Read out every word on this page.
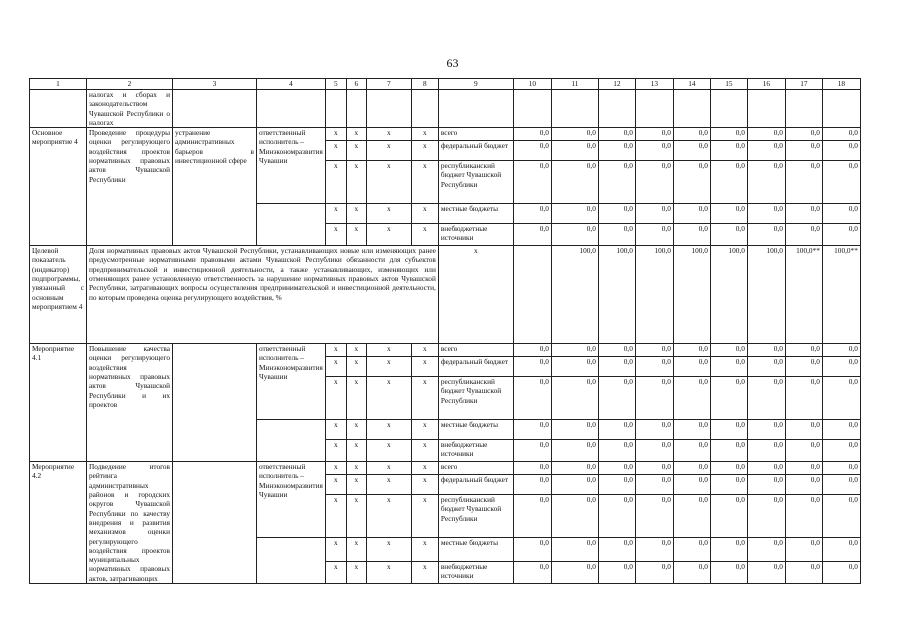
63
1	2	3	4	5	6	7	8	9	10	11	12	13	14	15	16	17	18
	налогах и сборах и законодательством Чувашской Республики о налогах																
Основное мероприятие 4	Проведение процедуры оценки регулирующего воздействия проектов нормативных правовых актов Чувашской Республики	устранение административных барьеров в инвестиционной сфере	ответственный исполнитель – Минэкономразвития Чувашии	x	x	x	x	всего	0,0	0,0	0,0	0,0	0,0	0,0	0,0	0,0	0,0
				x	x	x	x	федеральный бюджет	0,0	0,0	0,0	0,0	0,0	0,0	0,0	0,0	0,0
				x	x	x	x	республиканский бюджет Чувашской Республики	0,0	0,0	0,0	0,0	0,0	0,0	0,0	0,0	0,0
				x	x	x	x	местные бюджеты	0,0	0,0	0,0	0,0	0,0	0,0	0,0	0,0	0,0
				x	x	x	x	внебюджетные источники	0,0	0,0	0,0	0,0	0,0	0,0	0,0	0,0	0,0
Целевой показатель (индикатор) подпрограммы, увязанный с основным мероприятием 4	Доля нормативных правовых актов Чувашской Республики, устанавливающих новые или изменяющих ранее предусмотренные нормативными правовыми актами Чувашской Республики обязанности для субъектов предпринимательской и инвестиционной деятельности, а также устанавливающих, изменяющих или отменяющих ранее установленную ответственность за нарушение нормативных правовых актов Чувашской Республики, затрагивающих вопросы осуществления предпринимательской и инвестиционной деятельности, по которым проведена оценка регулирующего воздействия, %							x		100,0	100,0	100,0	100,0	100,0	100,0	100,0**	100,0**
Мероприятие 4.1	Повышение качества оценки регулирующего воздействия нормативных правовых актов Чувашской Республики и их проектов		ответственный исполнитель – Минэкономразвития Чувашии	x	x	x	x	всего	0,0	0,0	0,0	0,0	0,0	0,0	0,0	0,0	0,0
				x	x	x	x	федеральный бюджет	0,0	0,0	0,0	0,0	0,0	0,0	0,0	0,0	0,0
				x	x	x	x	республиканский бюджет Чувашской Республики	0,0	0,0	0,0	0,0	0,0	0,0	0,0	0,0	0,0
				x	x	x	x	местные бюджеты	0,0	0,0	0,0	0,0	0,0	0,0	0,0	0,0	0,0
				x	x	x	x	внебюджетные источники	0,0	0,0	0,0	0,0	0,0	0,0	0,0	0,0	0,0
Мероприятие 4.2	Подведение итогов рейтинга административных районов и городских округов Чувашской Республики по качеству внедрения и развития механизмов оценки регулирующего воздействия проектов муниципальных нормативных правовых актов, затрагивающих		ответственный исполнитель – Минэкономразвития Чувашии	x	x	x	x	всего	0,0	0,0	0,0	0,0	0,0	0,0	0,0	0,0	0,0
				x	x	x	x	федеральный бюджет	0,0	0,0	0,0	0,0	0,0	0,0	0,0	0,0	0,0
				x	x	x	x	республиканский бюджет Чувашской Республики	0,0	0,0	0,0	0,0	0,0	0,0	0,0	0,0	0,0
				x	x	x	x	местные бюджеты	0,0	0,0	0,0	0,0	0,0	0,0	0,0	0,0	0,0
				x	x	x	x	внебюджетные источники	0,0	0,0	0,0	0,0	0,0	0,0	0,0	0,0	0,0
